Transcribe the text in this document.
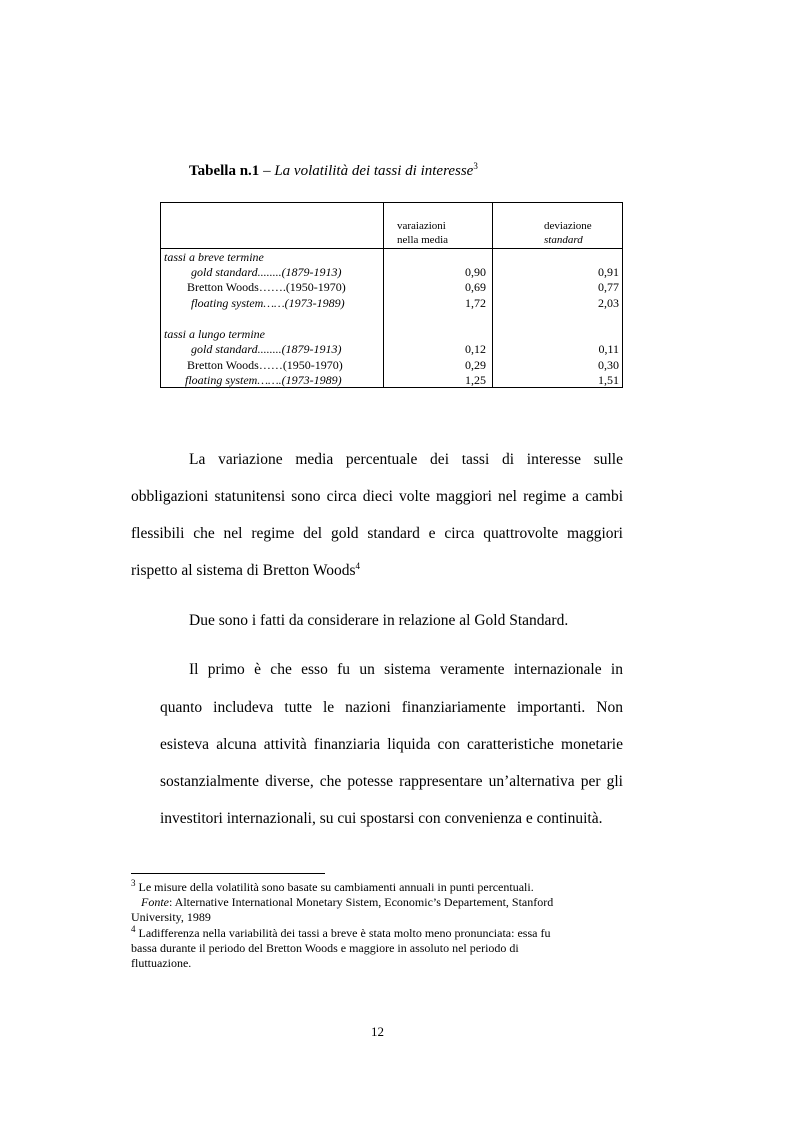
Tabella n.1 – La volatilità dei tassi di interesse$^3$
varaiazioni
nella media
deviazione
standard
tassi a breve termine
gold standard........(1879-1913)
Bretton Woods…….(1950-1970)
floating system……(1973-1989)
0,90
0,69
1,72
0,91
0,77
2,03
tassi a lungo termine
gold standard........(1879-1913)
Bretton Woods……(1950-1970)
floating system…….(1973-1989)
0,12
0,29
1,25
0,11
0,30
1,51
La variazione media percentuale dei tassi di interesse sulle
obbligazioni statunitensi sono circa dieci volte maggiori nel regime a cambi
flessibili che nel regime del gold standard e circa quattrovolte maggiori
rispetto al sistema di Bretton Woods$^4$
Due sono i fatti da considerare in relazione al Gold Standard.
Il primo è che esso fu un sistema veramente internazionale in
quanto includeva tutte le nazioni finanziariamente importanti. Non
esisteva alcuna attività finanziaria liquida con caratteristiche monetarie
sostanzialmente diverse, che potesse rappresentare un’alternativa per gli
investitori internazionali, su cui spostarsi con convenienza e continuità.
$^3$ Le misure della volatilità sono basate su cambiamenti annuali in punti percentuali.
Fonte: Alternative International Monetary Sistem, Economic’s Departement, Stanford
University, 1989
$^4$ Ladifferenza nella variabilità dei tassi a breve è stata molto meno pronunciata: essa fu
bassa durante il periodo del Bretton Woods e maggiore in assoluto nel periodo di
fluttuazione.
12
